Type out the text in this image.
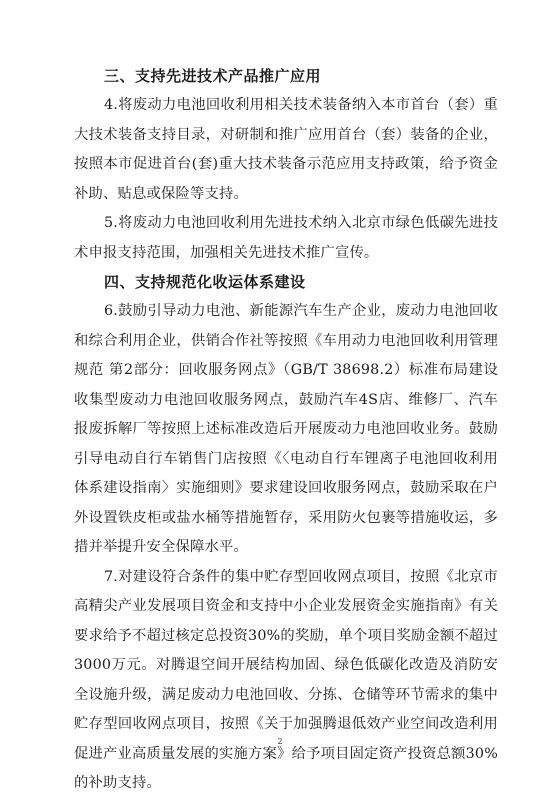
三、支持先进技术产品推广应用

4.将废动力电池回收利用相关技术装备纳入本市首台（套）重大技术装备支持目录，对研制和推广应用首台（套）装备的企业，按照本市促进首台(套)重大技术装备示范应用支持政策，给予资金补助、贴息或保险等支持。

5.将废动力电池回收利用先进技术纳入北京市绿色低碳先进技术申报支持范围，加强相关先进技术推广宣传。

四、支持规范化收运体系建设

6.鼓励引导动力电池、新能源汽车生产企业，废动力电池回收和综合利用企业，供销合作社等按照《车用动力电池回收利用管理规范 第2部分：回收服务网点》（GB/T 38698.2）标准布局建设收集型废动力电池回收服务网点，鼓励汽车4S店、维修厂、汽车报废拆解厂等按照上述标准改造后开展废动力电池回收业务。鼓励引导电动自行车销售门店按照《〈电动自行车锂离子电池回收利用体系建设指南〉实施细则》要求建设回收服务网点，鼓励采取在户外设置铁皮柜或盐水桶等措施暂存，采用防火包裹等措施收运，多措并举提升安全保障水平。

7.对建设符合条件的集中贮存型回收网点项目，按照《北京市高精尖产业发展项目资金和支持中小企业发展资金实施指南》有关要求给予不超过核定总投资30%的奖励，单个项目奖励金额不超过3000万元。对腾退空间开展结构加固、绿色低碳化改造及消防安全设施升级，满足废动力电池回收、分拣、仓储等环节需求的集中贮存型回收网点项目，按照《关于加强腾退低效产业空间改造利用促进产业高质量发展的实施方案》给予项目固定资产投资总额30%的补助支持。

2
